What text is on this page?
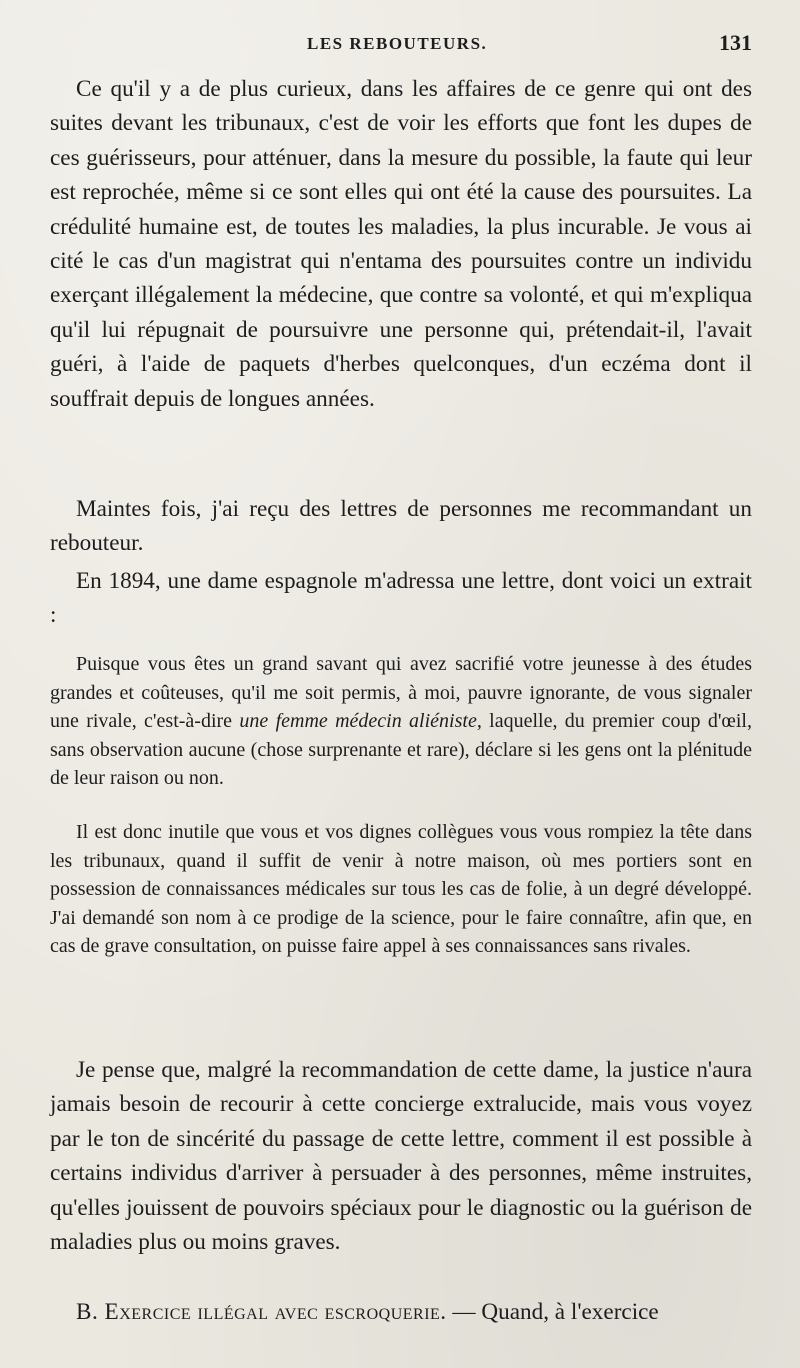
LES REBOUTEURS.	131

Ce qu'il y a de plus curieux, dans les affaires de ce genre qui ont des suites devant les tribunaux, c'est de voir les efforts que font les dupes de ces guérisseurs, pour atténuer, dans la mesure du possible, la faute qui leur est reprochée, même si ce sont elles qui ont été la cause des poursuites. La crédulité humaine est, de toutes les maladies, la plus incurable. Je vous ai cité le cas d'un magistrat qui n'entama des poursuites contre un individu exerçant illégalement la médecine, que contre sa volonté, et qui m'expliqua qu'il lui répugnait de poursuivre une personne qui, prétendait-il, l'avait guéri, à l'aide de paquets d'herbes quelconques, d'un eczéma dont il souffrait depuis de longues années.

Maintes fois, j'ai reçu des lettres de personnes me recommandant un rebouteur.

En 1894, une dame espagnole m'adressa une lettre, dont voici un extrait :

Puisque vous êtes un grand savant qui avez sacrifié votre jeunesse à des études grandes et coûteuses, qu'il me soit permis, à moi, pauvre ignorante, de vous signaler une rivale, c'est-à-dire une femme médecin aliéniste, laquelle, du premier coup d'œil, sans observation aucune (chose surprenante et rare), déclare si les gens ont la plénitude de leur raison ou non.

Il est donc inutile que vous et vos dignes collègues vous vous rompiez la tête dans les tribunaux, quand il suffit de venir à notre maison, où mes portiers sont en possession de connaissances médicales sur tous les cas de folie, à un degré développé. J'ai demandé son nom à ce prodige de la science, pour le faire connaître, afin que, en cas de grave consultation, on puisse faire appel à ses connaissances sans rivales.

Je pense que, malgré la recommandation de cette dame, la justice n'aura jamais besoin de recourir à cette concierge extralucide, mais vous voyez par le ton de sincérité du passage de cette lettre, comment il est possible à certains individus d'arriver à persuader à des personnes, même instruites, qu'elles jouissent de pouvoirs spéciaux pour le diagnostic ou la guérison de maladies plus ou moins graves.

B. Exercice illégal avec escroquerie. — Quand, à l'exercice
